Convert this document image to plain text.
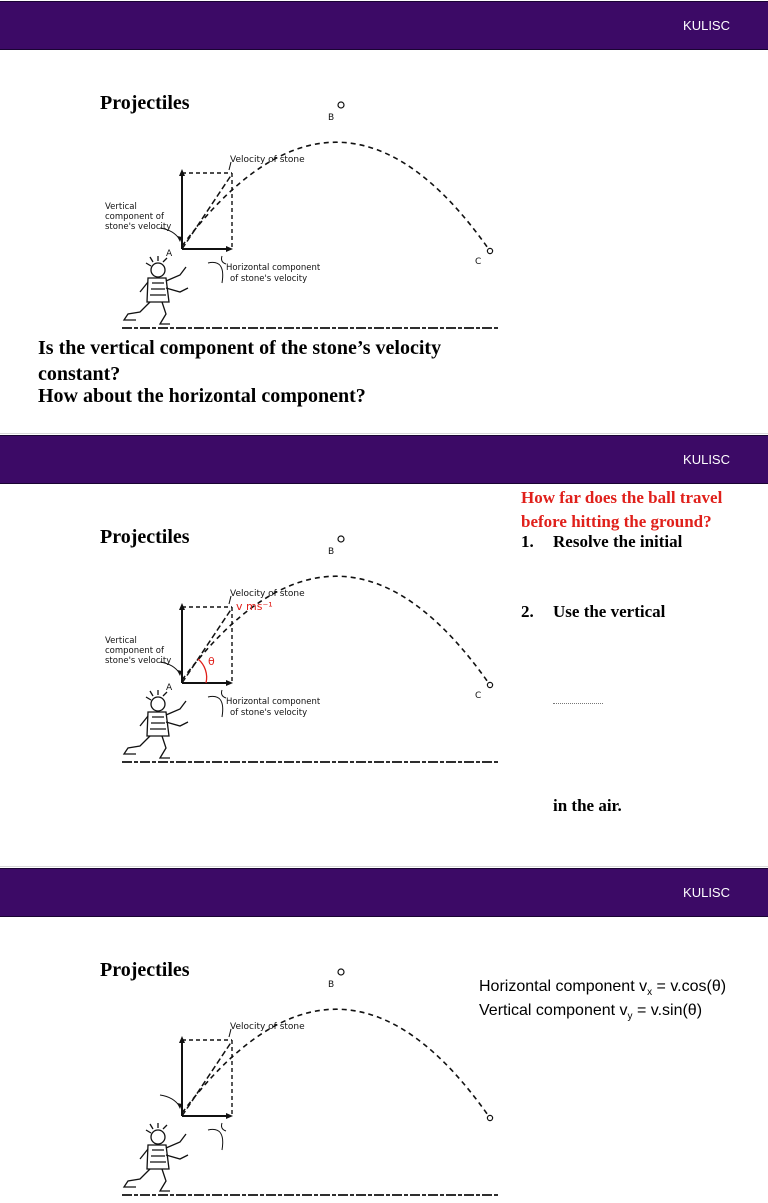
KULISC
Projectiles
Velocity of stone
Vertical
component of
stone's velocity
Horizontal component
of stone's velocity
A
B
C
Is the vertical component of the stone’s velocity constant?
How about the horizontal component?
KULISC
Projectiles
Velocity of stone
Vertical
component of
stone's velocity
Horizontal component
of stone's velocity
A
B
C
v ms⁻¹
θ
How far does the ball travel before hitting the ground?
1. Resolve the initial
2. Use the vertical
in the air.
KULISC
Projectiles
Velocity of stone
B	Horizontal component $v_x = v.\cos(\theta)$
Vertical component $v_y = v.\sin(\theta)$
